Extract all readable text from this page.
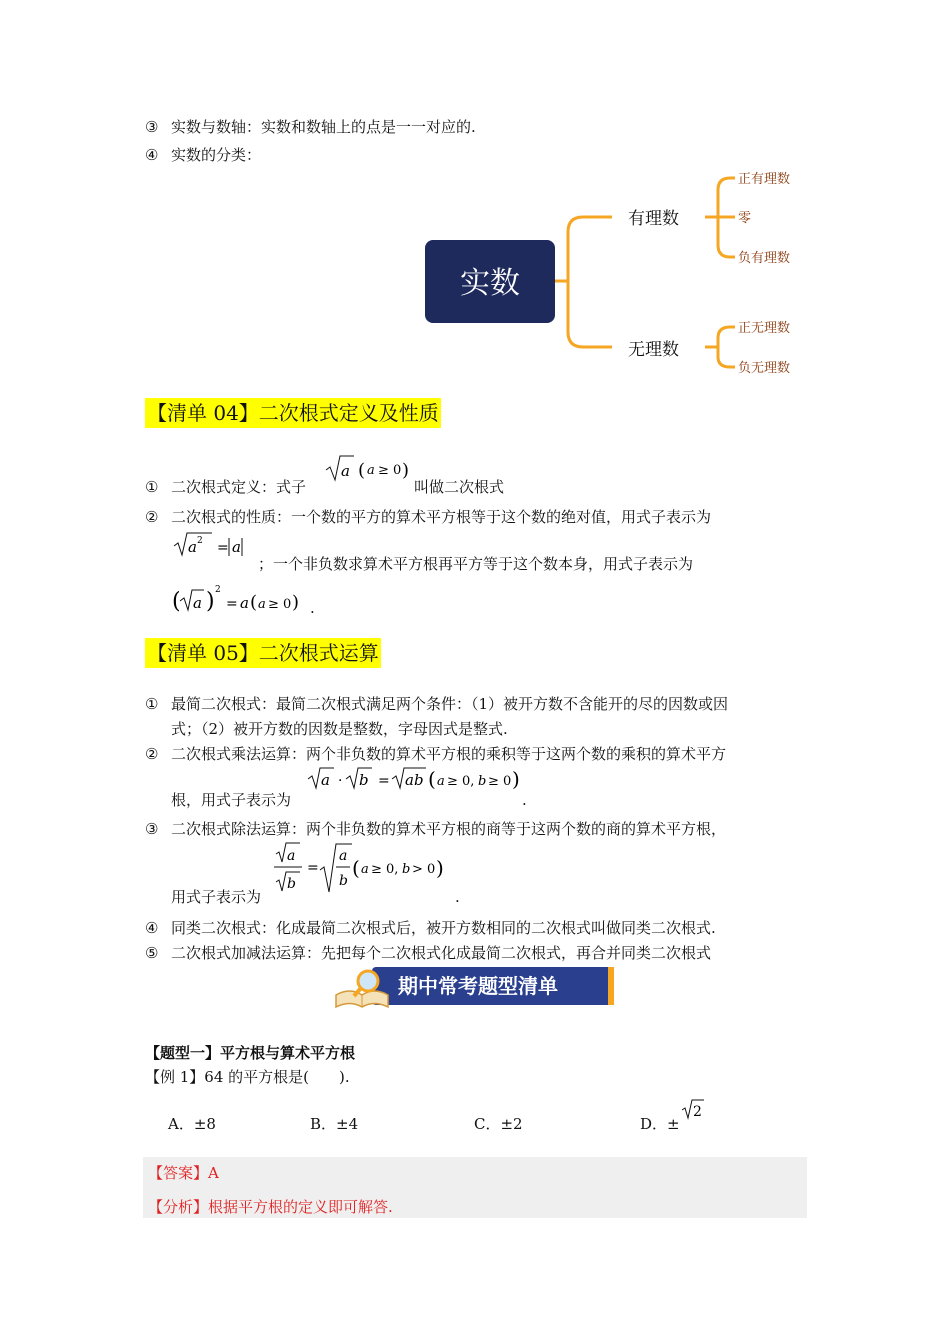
③ 实数与数轴：实数和数轴上的点是一一对应的.
④ 实数的分类：
实数
有理数
无理数
正有理数
零
负有理数
正无理数
负无理数
【清单 04】二次根式定义及性质
① 二次根式定义：式子
a ( a ≥ 0 )
叫做二次根式
② 二次根式的性质：一个数的平方的算术平方根等于这个数的绝对值，用式子表示为
a 2 = a
；一个非负数求算术平方根再平方等于这个数本身，用式子表示为
( a ) 2
= a ( a ≥ 0 ) .
【清单 05】二次根式运算
① 最简二次根式：最简二次根式满足两个条件：（1）被开方数不含能开的尽的因数或因
式；（2）被开方数的因数是整数，字母因式是整式.
② 二次根式乘法运算：两个非负数的算术平方根的乘积等于这两个数的乘积的算术平方
a · b = ab ( a ≥ 0, b ≥ 0 )
根，用式子表示为	.
③ 二次根式除法运算：两个非负数的算术平方根的商等于这两个数的商的算术平方根，
a
b
=
a
b
( a ≥ 0, b > 0 )
用式子表示为	.
④ 同类二次根式：化成最简二次根式后，被开方数相同的二次根式叫做同类二次根式.
⑤ 二次根式加减法运算：先把每个二次根式化成最简二次根式，再合并同类二次根式
期中常考题型清单
【题型一】平方根与算术平方根
【例 1】64 的平方根是(　　).
A．±8	B．±4	C．±2	D．±
2
【答案】A
【分析】根据平方根的定义即可解答.
